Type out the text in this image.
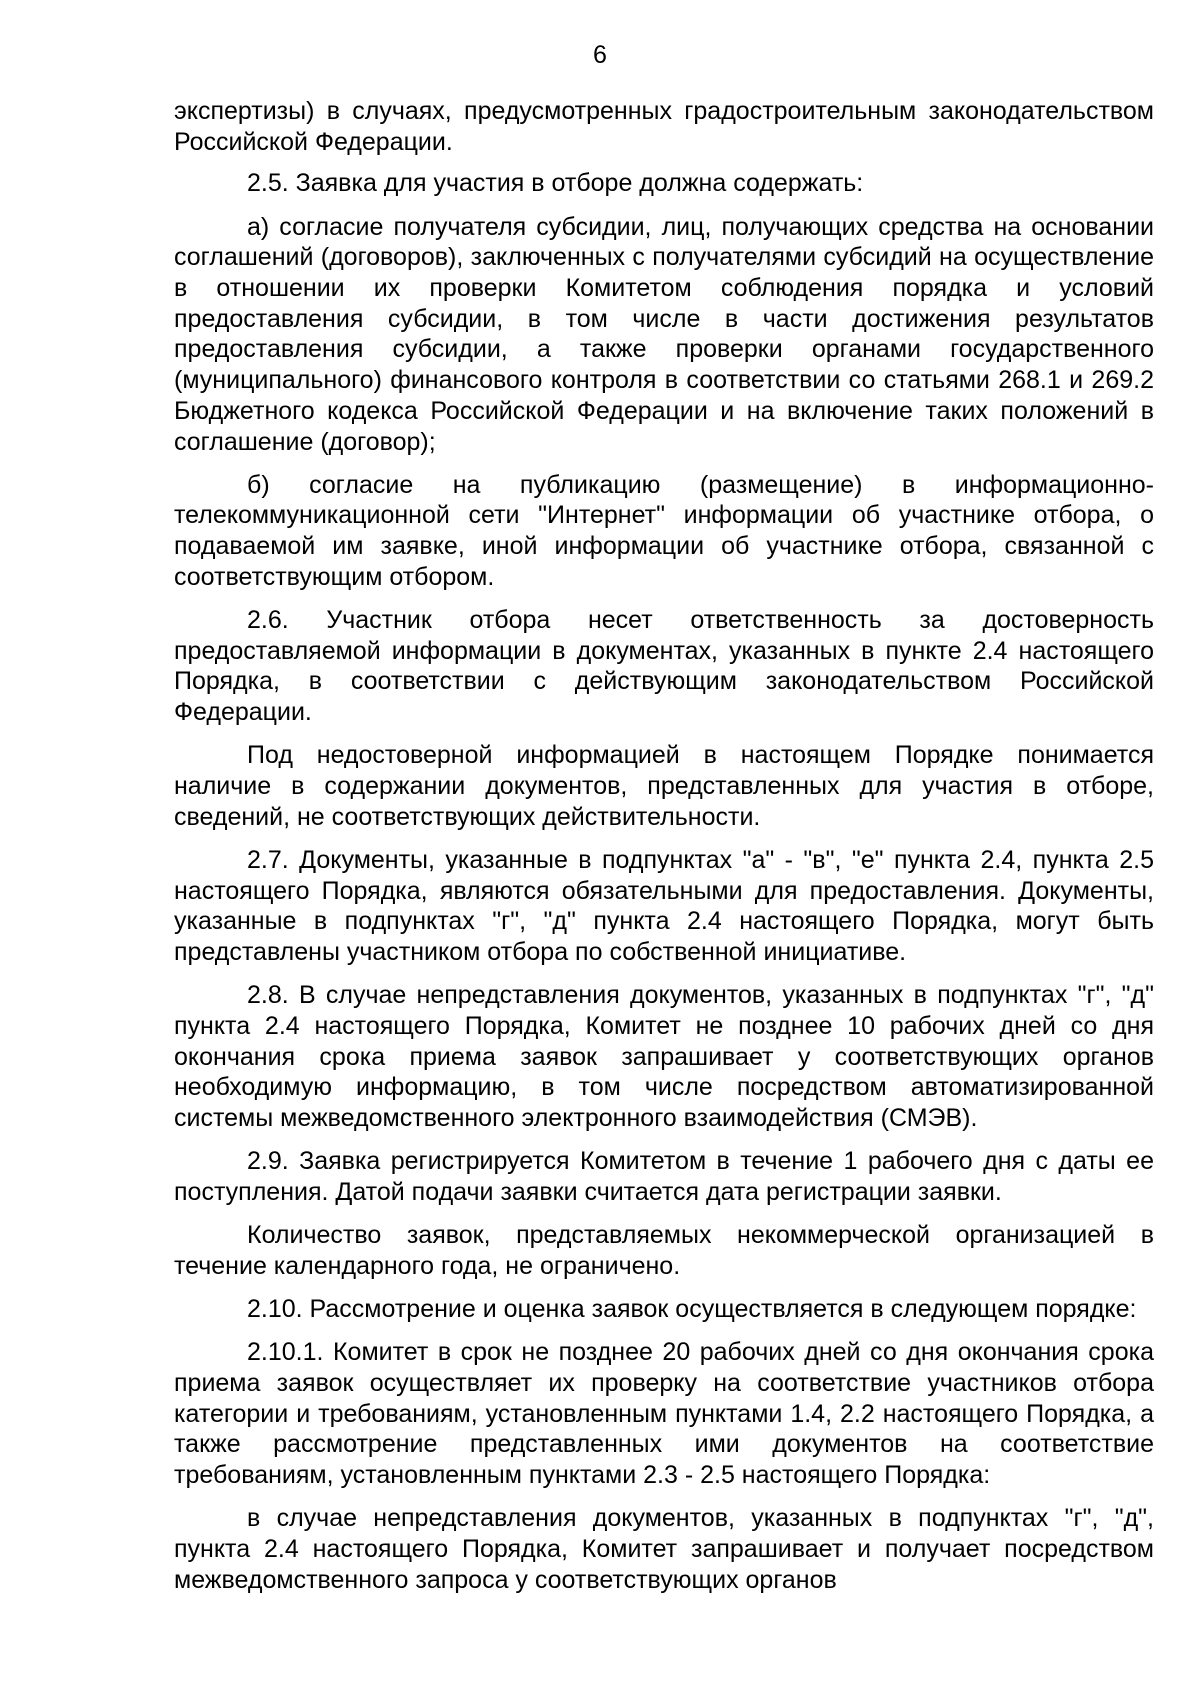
6

экспертизы) в случаях, предусмотренных градостроительным законодательством Российской Федерации.

2.5. Заявка для участия в отборе должна содержать:

а) согласие получателя субсидии, лиц, получающих средства на основании соглашений (договоров), заключенных с получателями субсидий на осуществление в отношении их проверки Комитетом соблюдения порядка и условий предоставления субсидии, в том числе в части достижения результатов предоставления субсидии, а также проверки органами государственного (муниципального) финансового контроля в соответствии со статьями 268.1 и 269.2 Бюджетного кодекса Российской Федерации и на включение таких положений в соглашение (договор);

б) согласие на публикацию (размещение) в информационно-телекоммуникационной сети "Интернет" информации об участнике отбора, о подаваемой им заявке, иной информации об участнике отбора, связанной с соответствующим отбором.

2.6. Участник отбора несет ответственность за достоверность предоставляемой информации в документах, указанных в пункте 2.4 настоящего Порядка, в соответствии с действующим законодательством Российской Федерации.

Под недостоверной информацией в настоящем Порядке понимается наличие в содержании документов, представленных для участия в отборе, сведений, не соответствующих действительности.

2.7. Документы, указанные в подпунктах "а" - "в", "е" пункта 2.4, пункта 2.5 настоящего Порядка, являются обязательными для предоставления. Документы, указанные в подпунктах "г", "д" пункта 2.4 настоящего Порядка, могут быть представлены участником отбора по собственной инициативе.

2.8. В случае непредставления документов, указанных в подпунктах "г", "д" пункта 2.4 настоящего Порядка, Комитет не позднее 10 рабочих дней со дня окончания срока приема заявок запрашивает у соответствующих органов необходимую информацию, в том числе посредством автоматизированной системы межведомственного электронного взаимодействия (СМЭВ).

2.9. Заявка регистрируется Комитетом в течение 1 рабочего дня с даты ее поступления. Датой подачи заявки считается дата регистрации заявки.

Количество заявок, представляемых некоммерческой организацией в течение календарного года, не ограничено.

2.10. Рассмотрение и оценка заявок осуществляется в следующем порядке:

2.10.1. Комитет в срок не позднее 20 рабочих дней со дня окончания срока приема заявок осуществляет их проверку на соответствие участников отбора категории и требованиям, установленным пунктами 1.4, 2.2 настоящего Порядка, а также рассмотрение представленных ими документов на соответствие требованиям, установленным пунктами 2.3 - 2.5 настоящего Порядка:

в случае непредставления документов, указанных в подпунктах "г", "д", пункта 2.4 настоящего Порядка, Комитет запрашивает и получает посредством межведомственного запроса у соответствующих органов
